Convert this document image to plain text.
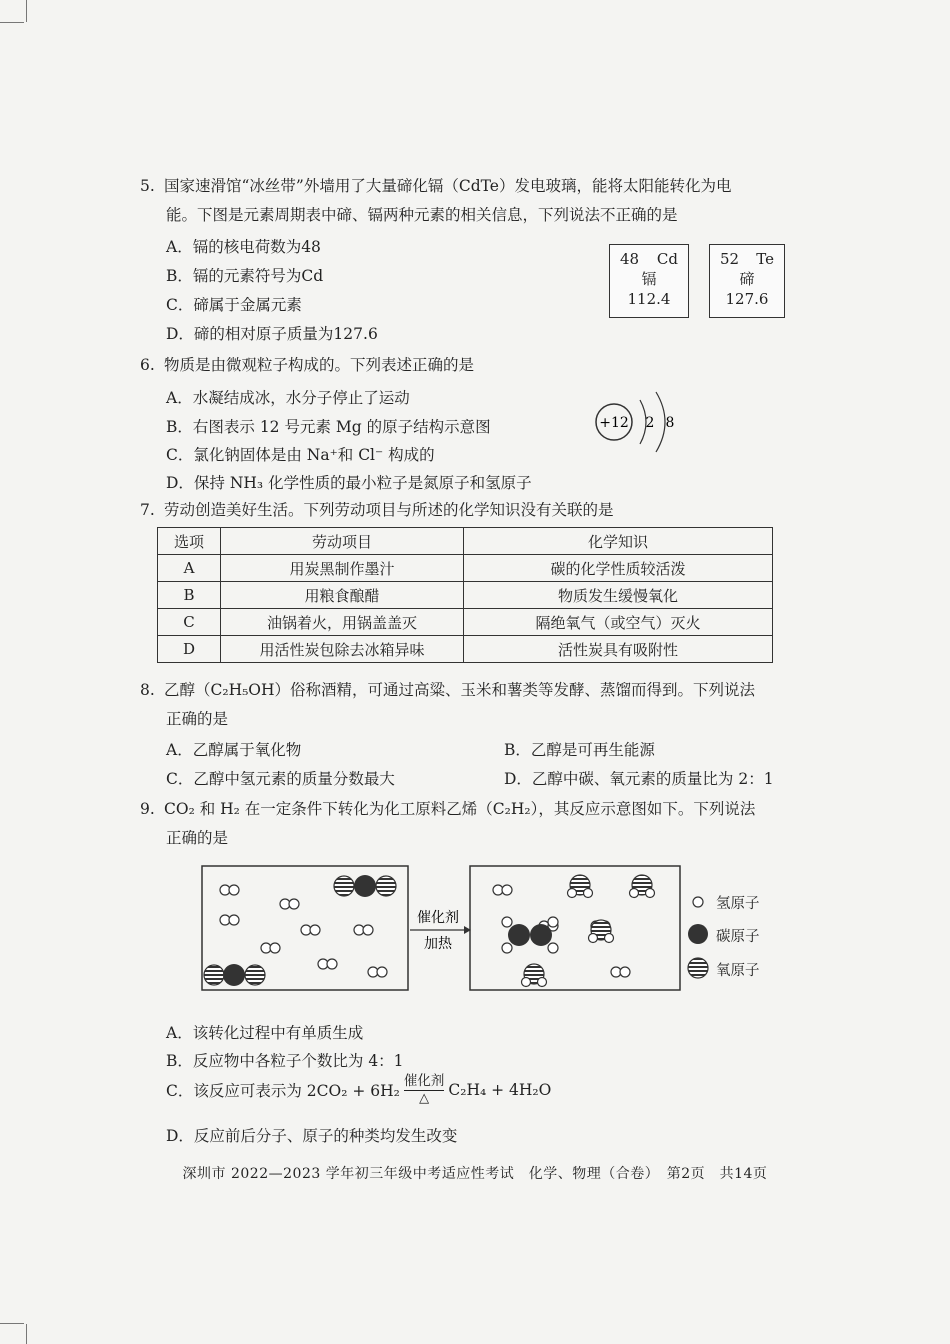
5. 国家速滑馆“冰丝带”外墙用了大量碲化镉（CdTe）发电玻璃，能将太阳能转化为电
能。下图是元素周期表中碲、镉两种元素的相关信息，下列说法不正确的是
A．镉的核电荷数为48
B．镉的元素符号为Cd
C．碲属于金属元素
D．碲的相对原子质量为127.6
48 Cd
镉
112.4
52 Te
碲
127.6
6. 物质是由微观粒子构成的。下列表述正确的是
A．水凝结成冰，水分子停止了运动
B．右图表示 12 号元素 Mg 的原子结构示意图
C．氯化钠固体是由 Na⁺和 Cl⁻ 构成的
D．保持 NH₃ 化学性质的最小粒子是氮原子和氢原子
+12 2 8
7. 劳动创造美好生活。下列劳动项目与所述的化学知识没有关联的是
选项	劳动项目	化学知识
A	用炭黑制作墨汁	碳的化学性质较活泼
B	用粮食酿醋	物质发生缓慢氧化
C	油锅着火，用锅盖盖灭	隔绝氧气（或空气）灭火
D	用活性炭包除去冰箱异味	活性炭具有吸附性
8. 乙醇（C₂H₅OH）俗称酒精，可通过高粱、玉米和薯类等发酵、蒸馏而得到。下列说法
正确的是
A．乙醇属于氧化物	B．乙醇是可再生能源
C．乙醇中氢元素的质量分数最大	D．乙醇中碳、氧元素的质量比为 2：1
9. CO₂ 和 H₂ 在一定条件下转化为化工原料乙烯（C₂H₂），其反应示意图如下。下列说法
正确的是
催化剂
加热
氢原子
碳原子
氧原子
A．该转化过程中有单质生成
B．反应物中各粒子个数比为 4：1
C．该反应可表示为 2CO₂ + 6H₂
催化剂
△ C₂H₄ + 4H₂O
D．反应前后分子、原子的种类均发生改变
深圳市 2022—2023 学年初三年级中考适应性考试　化学、物理（合卷）　第2页　共14页
